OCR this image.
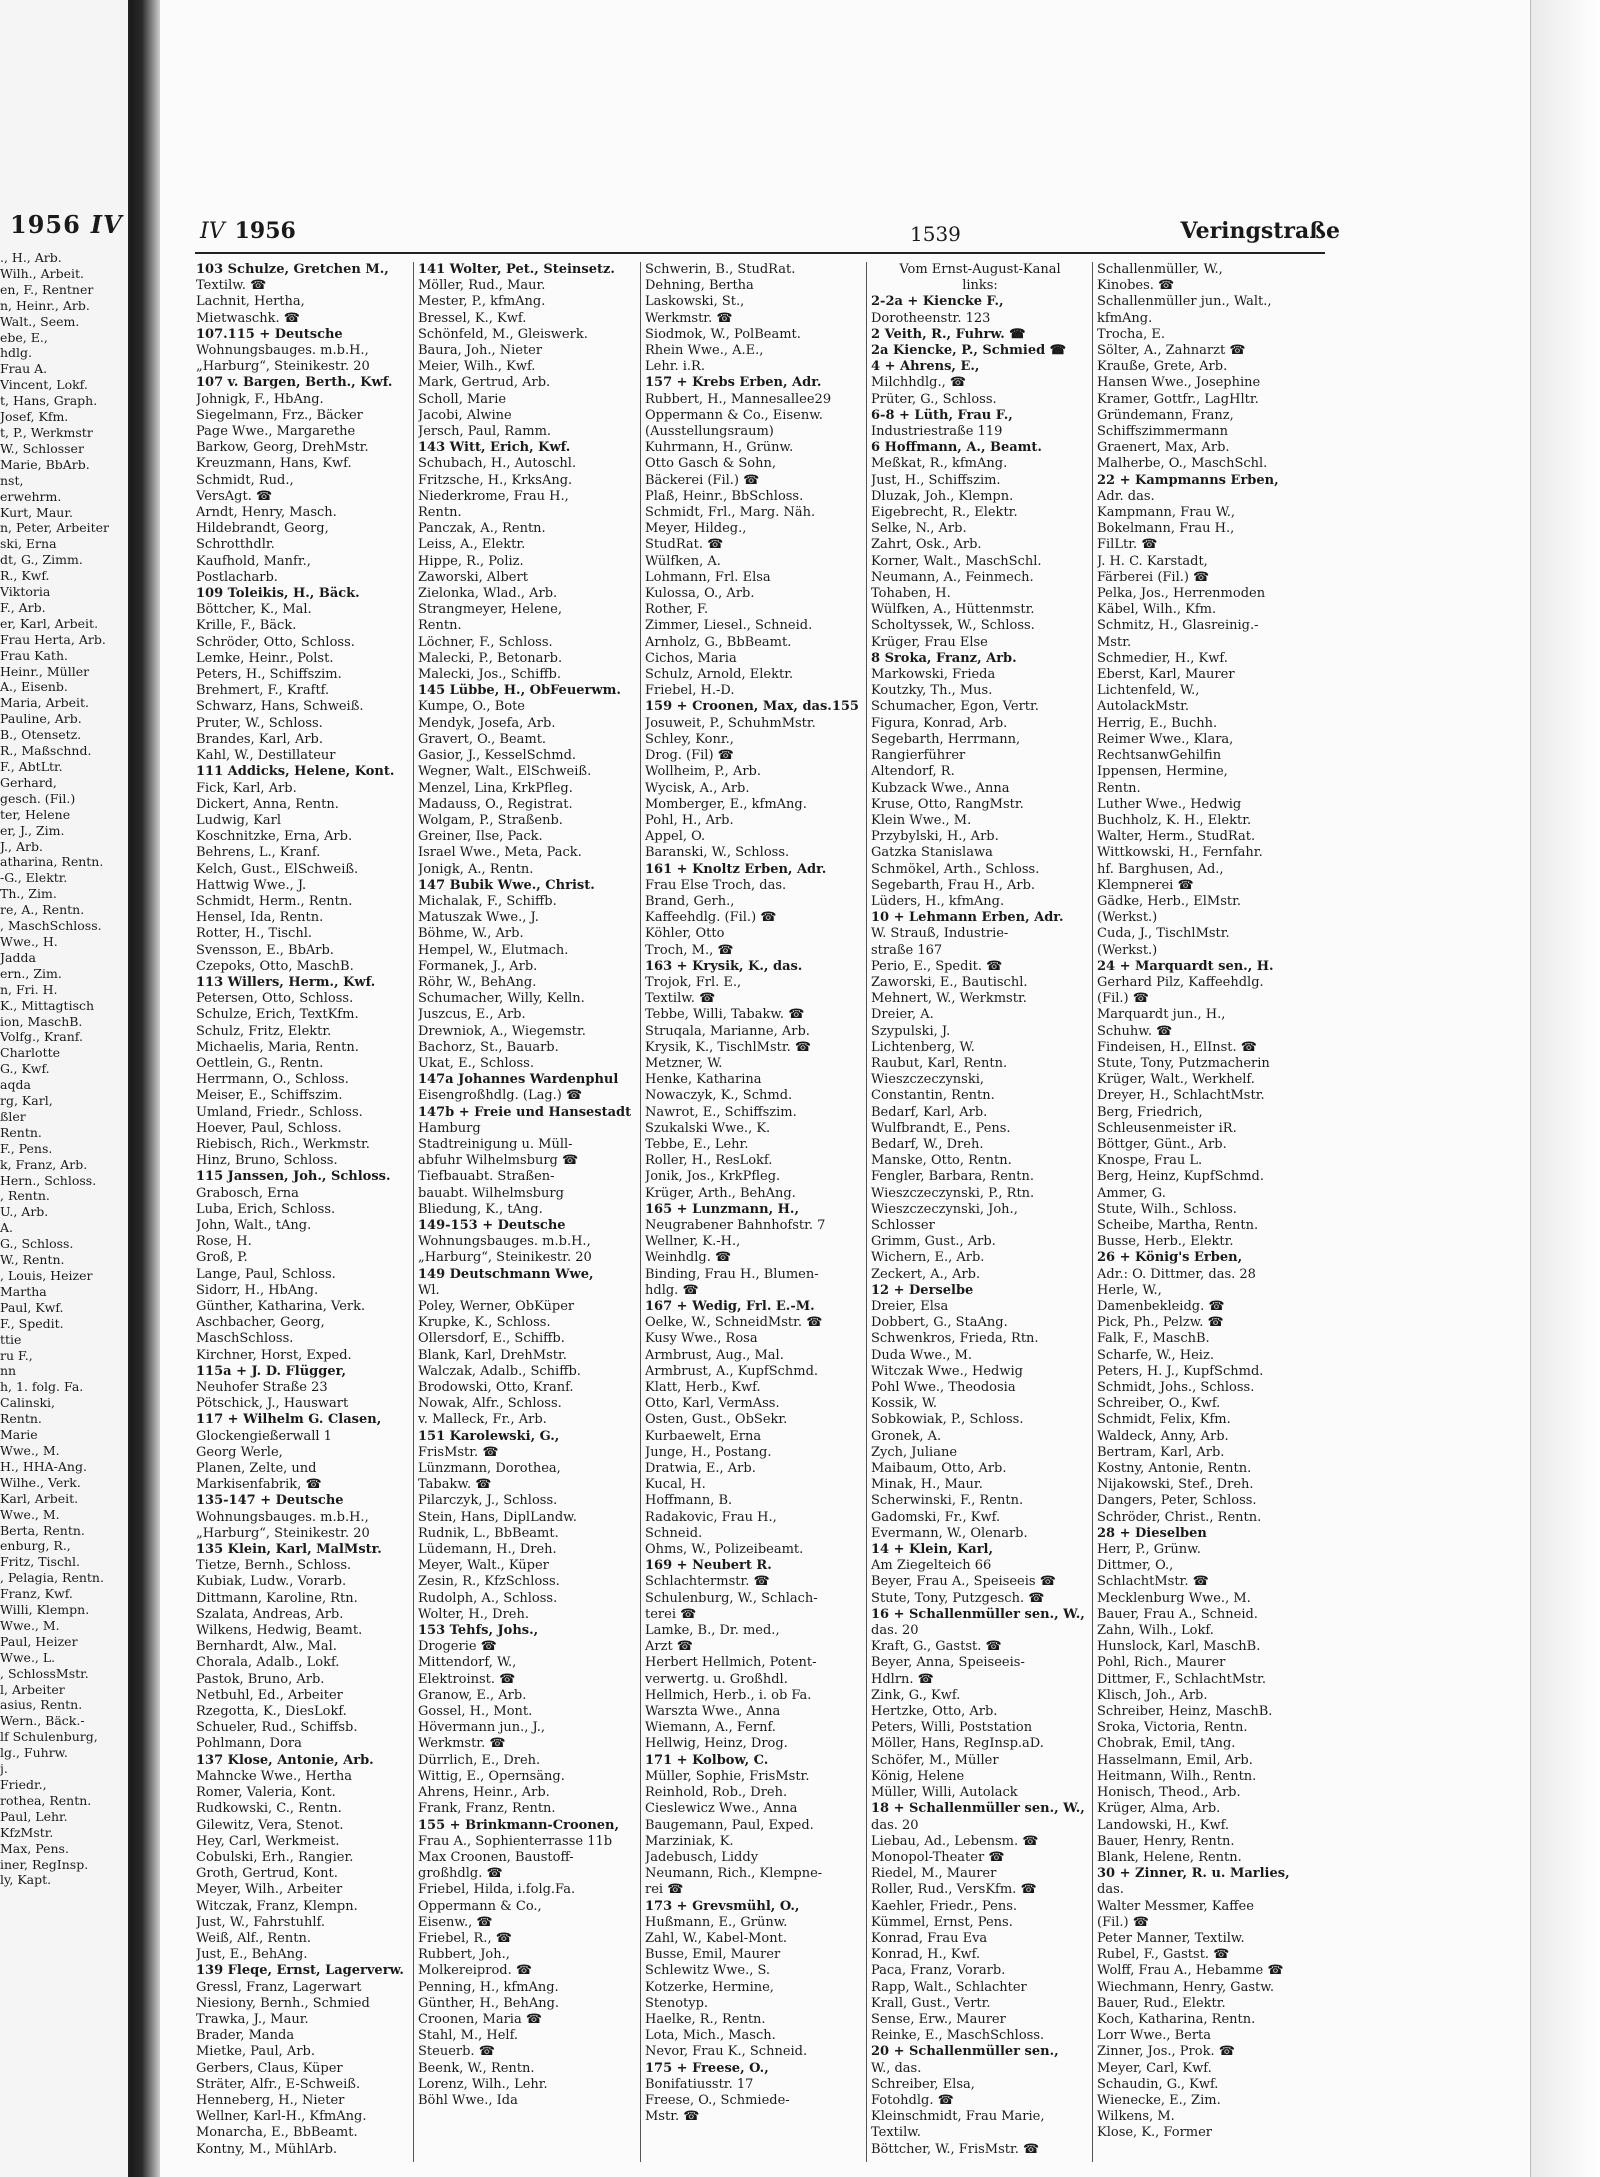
1956 IV
., H., Arb.
Wilh., Arbeit.
en, F., Rentner
n, Heinr., Arb.
Walt., Seem.
ebe, E.,
hdlg.
Frau A.
Vincent, Lokf.
t, Hans, Graph.
Josef, Kfm.
t, P., Werkmstr
W., Schlosser
Marie, BbArb.
nst,
erwehrm.
Kurt, Maur.
n, Peter, Arbeiter
ski, Erna
dt, G., Zimm.
R., Kwf.
Viktoria
F., Arb.
er, Karl, Arbeit.
Frau Herta, Arb.
Frau Kath.
Heinr., Müller
A., Eisenb.
Maria, Arbeit.
Pauline, Arb.
B., Otensetz.
R., Maßschnd.
F., AbtLtr.
Gerhard,
gesch. (Fil.)
ter, Helene
er, J., Zim.
J., Arb.
atharina, Rentn.
-G., Elektr.
Th., Zim.
re, A., Rentn.
, MaschSchloss.
Wwe., H.
Jadda
ern., Zim.
n, Fri. H.
K., Mittagtisch
ion, MaschB.
Volfg., Kranf.
Charlotte
G., Kwf.
aqda
rg, Karl,
ßler
Rentn.
F., Pens.
k, Franz, Arb.
Hern., Schloss.
, Rentn.
U., Arb.
A.
G., Schloss.
W., Rentn.
, Louis, Heizer
Martha
Paul, Kwf.
F., Spedit.
ttie
ru F.,
nn
h, 1. folg. Fa.
Calinski,
Rentn.
Marie
Wwe., M.
H., HHA-Ang.
Wilhe., Verk.
Karl, Arbeit.
Wwe., M.
Berta, Rentn.
enburg, R.,
Fritz, Tischl.
, Pelagia, Rentn.
Franz, Kwf.
Willi, Klempn.
Wwe., M.
Paul, Heizer
Wwe., L.
, SchlossMstr.
l, Arbeiter
asius, Rentn.
Wern., Bäck.-
lf Schulenburg,
lg., Fuhrw.
j.
Friedr.,
rothea, Rentn.
Paul, Lehr.
KfzMstr.
Max, Pens.
iner, RegInsp.
ly, Kapt.
IV 1956	1539	Veringstraße
103 Schulze, Gretchen M.,
Textilw. ☎
Lachnit, Hertha,
Mietwaschk. ☎
107.115 + Deutsche
Wohnungsbauges. m.b.H.,
„Harburg“, Steinikestr. 20
107 v. Bargen, Berth., Kwf.
Johnigk, F., HbAng.
Siegelmann, Frz., Bäcker
Page Wwe., Margarethe
Barkow, Georg, DrehMstr.
Kreuzmann, Hans, Kwf.
Schmidt, Rud.,
VersAgt. ☎
Arndt, Henry, Masch.
Hildebrandt, Georg,
Schrotthdlr.
Kaufhold, Manfr.,
Postlacharb.
109 Toleikis, H., Bäck.
Böttcher, K., Mal.
Krille, F., Bäck.
Schröder, Otto, Schloss.
Lemke, Heinr., Polst.
Peters, H., Schiffszim.
Brehmert, F., Kraftf.
Schwarz, Hans, Schweiß.
Pruter, W., Schloss.
Brandes, Karl, Arb.
Kahl, W., Destillateur
111 Addicks, Helene, Kont.
Fick, Karl, Arb.
Dickert, Anna, Rentn.
Ludwig, Karl
Koschnitzke, Erna, Arb.
Behrens, L., Kranf.
Kelch, Gust., ElSchweiß.
Hattwig Wwe., J.
Schmidt, Herm., Rentn.
Hensel, Ida, Rentn.
Rotter, H., Tischl.
Svensson, E., BbArb.
Czepoks, Otto, MaschB.
113 Willers, Herm., Kwf.
Petersen, Otto, Schloss.
Schulze, Erich, TextKfm.
Schulz, Fritz, Elektr.
Michaelis, Maria, Rentn.
Oettlein, G., Rentn.
Herrmann, O., Schloss.
Meiser, E., Schiffszim.
Umland, Friedr., Schloss.
Hoever, Paul, Schloss.
Riebisch, Rich., Werkmstr.
Hinz, Bruno, Schloss.
115 Janssen, Joh., Schloss.
Grabosch, Erna
Luba, Erich, Schloss.
John, Walt., tAng.
Rose, H.
Groß, P.
Lange, Paul, Schloss.
Sidorr, H., HbAng.
Günther, Katharina, Verk.
Aschbacher, Georg,
MaschSchloss.
Kirchner, Horst, Exped.
115a + J. D. Flügger,
Neuhofer Straße 23
Pötschick, J., Hauswart
117 + Wilhelm G. Clasen,
Glockengießerwall 1
Georg Werle,
Planen, Zelte, und
Markisenfabrik, ☎
135-147 + Deutsche
Wohnungsbauges. m.b.H.,
„Harburg“, Steinikestr. 20
135 Klein, Karl, MalMstr.
Tietze, Bernh., Schloss.
Kubiak, Ludw., Vorarb.
Dittmann, Karoline, Rtn.
Szalata, Andreas, Arb.
Wilkens, Hedwig, Beamt.
Bernhardt, Alw., Mal.
Chorala, Adalb., Lokf.
Pastok, Bruno, Arb.
Netbuhl, Ed., Arbeiter
Rzegotta, K., DiesLokf.
Schueler, Rud., Schiffsb.
Pohlmann, Dora
137 Klose, Antonie, Arb.
Mahncke Wwe., Hertha
Romer, Valeria, Kont.
Rudkowski, C., Rentn.
Gilewitz, Vera, Stenot.
Hey, Carl, Werkmeist.
Cobulski, Erh., Rangier.
Groth, Gertrud, Kont.
Meyer, Wilh., Arbeiter
Witczak, Franz, Klempn.
Just, W., Fahrstuhlf.
Weiß, Alf., Rentn.
Just, E., BehAng.
139 Fleqe, Ernst, Lagerverw.
Gressl, Franz, Lagerwart
Niesiony, Bernh., Schmied
Trawka, J., Maur.
Brader, Manda
Mietke, Paul, Arb.
Gerbers, Claus, Küper
Sträter, Alfr., E-Schweiß.
Henneberg, H., Nieter
Wellner, Karl-H., KfmAng.
Monarcha, E., BbBeamt.
Kontny, M., MühlArb.
141 Wolter, Pet., Steinsetz.
Möller, Rud., Maur.
Mester, P., kfmAng.
Bressel, K., Kwf.
Schönfeld, M., Gleiswerk.
Baura, Joh., Nieter
Meier, Wilh., Kwf.
Mark, Gertrud, Arb.
Scholl, Marie
Jacobi, Alwine
Jersch, Paul, Ramm.
143 Witt, Erich, Kwf.
Schubach, H., Autoschl.
Fritzsche, H., KrksAng.
Niederkrome, Frau H.,
Rentn.
Panczak, A., Rentn.
Leiss, A., Elektr.
Hippe, R., Poliz.
Zaworski, Albert
Zielonka, Wlad., Arb.
Strangmeyer, Helene,
Rentn.
Löchner, F., Schloss.
Malecki, P., Betonarb.
Malecki, Jos., Schiffb.
145 Lübbe, H., ObFeuerwm.
Kumpe, O., Bote
Mendyk, Josefa, Arb.
Gravert, O., Beamt.
Gasior, J., KesselSchmd.
Wegner, Walt., ElSchweiß.
Menzel, Lina, KrkPfleg.
Madauss, O., Registrat.
Wolgam, P., Straßenb.
Greiner, Ilse, Pack.
Israel Wwe., Meta, Pack.
Jonigk, A., Rentn.
147 Bubik Wwe., Christ.
Michalak, F., Schiffb.
Matuszak Wwe., J.
Böhme, W., Arb.
Hempel, W., Elutmach.
Formanek, J., Arb.
Röhr, W., BehAng.
Schumacher, Willy, Kelln.
Juszcus, E., Arb.
Drewniok, A., Wiegemstr.
Bachorz, St., Bauarb.
Ukat, E., Schloss.
147a Johannes Wardenphul
Eisengroßhdlg. (Lag.) ☎
147b + Freie und Hansestadt
Hamburg
Stadtreinigung u. Müll-
abfuhr Wilhelmsburg ☎
Tiefbauabt. Straßen-
bauabt. Wilhelmsburg
Bliedung, K., tAng.
149-153 + Deutsche
Wohnungsbauges. m.b.H.,
„Harburg“, Steinikestr. 20
149 Deutschmann Wwe,
Wl.
Poley, Werner, ObKüper
Krupke, K., Schloss.
Ollersdorf, E., Schiffb.
Blank, Karl, DrehMstr.
Walczak, Adalb., Schiffb.
Brodowski, Otto, Kranf.
Nowak, Alfr., Schloss.
v. Malleck, Fr., Arb.
151 Karolewski, G.,
FrisMstr. ☎
Lünzmann, Dorothea,
Tabakw. ☎
Pilarczyk, J., Schloss.
Stein, Hans, DiplLandw.
Rudnik, L., BbBeamt.
Lüdemann, H., Dreh.
Meyer, Walt., Küper
Zesin, R., KfzSchloss.
Rudolph, A., Schloss.
Wolter, H., Dreh.
153 Tehfs, Johs.,
Drogerie ☎
Mittendorf, W.,
Elektroinst. ☎
Granow, E., Arb.
Gossel, H., Mont.
Hövermann jun., J.,
Werkmstr. ☎
Dürrlich, E., Dreh.
Wittig, E., Opernsäng.
Ahrens, Heinr., Arb.
Frank, Franz, Rentn.
155 + Brinkmann-Croonen,
Frau A., Sophienterrasse 11b
Max Croonen, Baustoff-
großhdlg. ☎
Friebel, Hilda, i.folg.Fa.
Oppermann & Co.,
Eisenw., ☎
Friebel, R., ☎
Rubbert, Joh.,
Molkereiprod. ☎
Penning, H., kfmAng.
Günther, H., BehAng.
Croonen, Maria ☎
Stahl, M., Helf.
Steuerb. ☎
Beenk, W., Rentn.
Lorenz, Wilh., Lehr.
Böhl Wwe., Ida
Schwerin, B., StudRat.
Dehning, Bertha
Laskowski, St.,
Werkmstr. ☎
Siodmok, W., PolBeamt.
Rhein Wwe., A.E.,
Lehr. i.R.
157 + Krebs Erben, Adr.
Rubbert, H., Mannesallee29
Oppermann & Co., Eisenw.
(Ausstellungsraum)
Kuhrmann, H., Grünw.
Otto Gasch & Sohn,
Bäckerei (Fil.) ☎
Plaß, Heinr., BbSchloss.
Schmidt, Frl., Marg. Näh.
Meyer, Hildeg.,
StudRat. ☎
Wülfken, A.
Lohmann, Frl. Elsa
Kulossa, O., Arb.
Rother, F.
Zimmer, Liesel., Schneid.
Arnholz, G., BbBeamt.
Cichos, Maria
Schulz, Arnold, Elektr.
Friebel, H.-D.
159 + Croonen, Max, das.155
Josuweit, P., SchuhmMstr.
Schley, Konr.,
Drog. (Fil) ☎
Wollheim, P., Arb.
Wycisk, A., Arb.
Momberger, E., kfmAng.
Pohl, H., Arb.
Appel, O.
Baranski, W., Schloss.
161 + Knoltz Erben, Adr.
Frau Else Troch, das.
Brand, Gerh.,
Kaffeehdlg. (Fil.) ☎
Köhler, Otto
Troch, M., ☎
163 + Krysik, K., das.
Trojok, Frl. E.,
Textilw. ☎
Tebbe, Willi, Tabakw. ☎
Struqala, Marianne, Arb.
Krysik, K., TischlMstr. ☎
Metzner, W.
Henke, Katharina
Nowaczyk, K., Schmd.
Nawrot, E., Schiffszim.
Szukalski Wwe., K.
Tebbe, E., Lehr.
Roller, H., ResLokf.
Jonik, Jos., KrkPfleg.
Krüger, Arth., BehAng.
165 + Lunzmann, H.,
Neugrabener Bahnhofstr. 7
Wellner, K.-H.,
Weinhdlg. ☎
Binding, Frau H., Blumen-
hdlg. ☎
167 + Wedig, Frl. E.-M.
Oelke, W., SchneidMstr. ☎
Kusy Wwe., Rosa
Armbrust, Aug., Mal.
Armbrust, A., KupfSchmd.
Klatt, Herb., Kwf.
Otto, Karl, VermAss.
Osten, Gust., ObSekr.
Kurbaewelt, Erna
Junge, H., Postang.
Dratwia, E., Arb.
Kucal, H.
Hoffmann, B.
Radakovic, Frau H.,
Schneid.
Ohms, W., Polizeibeamt.
169 + Neubert R.
Schlachtermstr. ☎
Schulenburg, W., Schlach-
terei ☎
Lamke, B., Dr. med.,
Arzt ☎
Herbert Hellmich, Potent-
verwertg. u. Großhdl.
Hellmich, Herb., i. ob Fa.
Warszta Wwe., Anna
Wiemann, A., Fernf.
Hellwig, Heinz, Drog.
171 + Kolbow, C.
Müller, Sophie, FrisMstr.
Reinhold, Rob., Dreh.
Cieslewicz Wwe., Anna
Baugemann, Paul, Exped.
Marziniak, K.
Jadebusch, Liddy
Neumann, Rich., Klempne-
rei ☎
173 + Grevsmühl, O.,
Hußmann, E., Grünw.
Zahl, W., Kabel-Mont.
Busse, Emil, Maurer
Schlewitz Wwe., S.
Kotzerke, Hermine,
Stenotyp.
Haelke, R., Rentn.
Lota, Mich., Masch.
Nevor, Frau K., Schneid.
175 + Freese, O.,
Bonifatiusstr. 17
Freese, O., Schmiede-
Mstr. ☎
Vom Ernst-August-Kanal
links:
2-2a + Kiencke F.,
Dorotheenstr. 123
2 Veith, R., Fuhrw. ☎
2a Kiencke, P., Schmied ☎
4 + Ahrens, E.,
Milchhdlg., ☎
Prüter, G., Schloss.
6-8 + Lüth, Frau F.,
Industriestraße 119
6 Hoffmann, A., Beamt.
Meßkat, R., kfmAng.
Just, H., Schiffszim.
Dluzak, Joh., Klempn.
Eigebrecht, R., Elektr.
Selke, N., Arb.
Zahrt, Osk., Arb.
Korner, Walt., MaschSchl.
Neumann, A., Feinmech.
Tohaben, H.
Wülfken, A., Hüttenmstr.
Scholtyssek, W., Schloss.
Krüger, Frau Else
8 Sroka, Franz, Arb.
Markowski, Frieda
Koutzky, Th., Mus.
Schumacher, Egon, Vertr.
Figura, Konrad, Arb.
Segebarth, Herrmann,
Rangierführer
Altendorf, R.
Kubzack Wwe., Anna
Kruse, Otto, RangMstr.
Klein Wwe., M.
Przybylski, H., Arb.
Gatzka Stanislawa
Schmökel, Arth., Schloss.
Segebarth, Frau H., Arb.
Lüders, H., kfmAng.
10 + Lehmann Erben, Adr.
W. Strauß, Industrie-
straße 167
Perio, E., Spedit. ☎
Zaworski, E., Bautischl.
Mehnert, W., Werkmstr.
Dreier, A.
Szypulski, J.
Lichtenberg, W.
Raubut, Karl, Rentn.
Wieszczeczynski,
Constantin, Rentn.
Bedarf, Karl, Arb.
Wulfbrandt, E., Pens.
Bedarf, W., Dreh.
Manske, Otto, Rentn.
Fengler, Barbara, Rentn.
Wieszczeczynski, P., Rtn.
Wieszczeczynski, Joh.,
Schlosser
Grimm, Gust., Arb.
Wichern, E., Arb.
Zeckert, A., Arb.
12 + Derselbe
Dreier, Elsa
Dobbert, G., StaAng.
Schwenkros, Frieda, Rtn.
Duda Wwe., M.
Witczak Wwe., Hedwig
Pohl Wwe., Theodosia
Kossik, W.
Sobkowiak, P., Schloss.
Gronek, A.
Zych, Juliane
Maibaum, Otto, Arb.
Minak, H., Maur.
Scherwinski, F., Rentn.
Gadomski, Fr., Kwf.
Evermann, W., Olenarb.
14 + Klein, Karl,
Am Ziegelteich 66
Beyer, Frau A., Speiseeis ☎
Stute, Tony, Putzgesch. ☎
16 + Schallenmüller sen., W.,
das. 20
Kraft, G., Gastst. ☎
Beyer, Anna, Speiseeis-
Hdlrn. ☎
Zink, G., Kwf.
Hertzke, Otto, Arb.
Peters, Willi, Poststation
Möller, Hans, RegInsp.aD.
Schöfer, M., Müller
König, Helene
Müller, Willi, Autolack
18 + Schallenmüller sen., W.,
das. 20
Liebau, Ad., Lebensm. ☎
Monopol-Theater ☎
Riedel, M., Maurer
Roller, Rud., VersKfm. ☎
Kaehler, Friedr., Pens.
Kümmel, Ernst, Pens.
Konrad, Frau Eva
Konrad, H., Kwf.
Paca, Franz, Vorarb.
Rapp, Walt., Schlachter
Krall, Gust., Vertr.
Sense, Erw., Maurer
Reinke, E., MaschSchloss.
20 + Schallenmüller sen.,
W., das.
Schreiber, Elsa,
Fotohdlg. ☎
Kleinschmidt, Frau Marie,
Textilw.
Böttcher, W., FrisMstr. ☎
Schallenmüller, W.,
Kinobes. ☎
Schallenmüller jun., Walt.,
kfmAng.
Trocha, E.
Sölter, A., Zahnarzt ☎
Krauße, Grete, Arb.
Hansen Wwe., Josephine
Kramer, Gottfr., LagHltr.
Gründemann, Franz,
Schiffszimmermann
Graenert, Max, Arb.
Malherbe, O., MaschSchl.
22 + Kampmanns Erben,
Adr. das.
Kampmann, Frau W.,
Bokelmann, Frau H.,
FilLtr. ☎
J. H. C. Karstadt,
Färberei (Fil.) ☎
Pelka, Jos., Herrenmoden
Käbel, Wilh., Kfm.
Schmitz, H., Glasreinig.-
Mstr.
Schmedier, H., Kwf.
Eberst, Karl, Maurer
Lichtenfeld, W.,
AutolackMstr.
Herrig, E., Buchh.
Reimer Wwe., Klara,
RechtsanwGehilfin
Ippensen, Hermine,
Rentn.
Luther Wwe., Hedwig
Buchholz, K. H., Elektr.
Walter, Herm., StudRat.
Wittkowski, H., Fernfahr.
hf. Barghusen, Ad.,
Klempnerei ☎
Gädke, Herb., ElMstr.
(Werkst.)
Cuda, J., TischlMstr.
(Werkst.)
24 + Marquardt sen., H.
Gerhard Pilz, Kaffeehdlg.
(Fil.) ☎
Marquardt jun., H.,
Schuhw. ☎
Findeisen, H., ElInst. ☎
Stute, Tony, Putzmacherin
Krüger, Walt., Werkhelf.
Dreyer, H., SchlachtMstr.
Berg, Friedrich,
Schleusenmeister iR.
Böttger, Günt., Arb.
Knospe, Frau L.
Berg, Heinz, KupfSchmd.
Ammer, G.
Stute, Wilh., Schloss.
Scheibe, Martha, Rentn.
Busse, Herb., Elektr.
26 + König's Erben,
Adr.: O. Dittmer, das. 28
Herle, W.,
Damenbekleidg. ☎
Pick, Ph., Pelzw. ☎
Falk, F., MaschB.
Scharfe, W., Heiz.
Peters, H. J., KupfSchmd.
Schmidt, Johs., Schloss.
Schreiber, O., Kwf.
Schmidt, Felix, Kfm.
Waldeck, Anny, Arb.
Bertram, Karl, Arb.
Kostny, Antonie, Rentn.
Nijakowski, Stef., Dreh.
Dangers, Peter, Schloss.
Schröder, Christ., Rentn.
28 + Dieselben
Herr, P., Grünw.
Dittmer, O.,
SchlachtMstr. ☎
Mecklenburg Wwe., M.
Bauer, Frau A., Schneid.
Zahn, Wilh., Lokf.
Hunslock, Karl, MaschB.
Pohl, Rich., Maurer
Dittmer, F., SchlachtMstr.
Klisch, Joh., Arb.
Schreiber, Heinz, MaschB.
Sroka, Victoria, Rentn.
Chobrak, Emil, tAng.
Hasselmann, Emil, Arb.
Heitmann, Wilh., Rentn.
Honisch, Theod., Arb.
Krüger, Alma, Arb.
Landowski, H., Kwf.
Bauer, Henry, Rentn.
Blank, Helene, Rentn.
30 + Zinner, R. u. Marlies,
das.
Walter Messmer, Kaffee
(Fil.) ☎
Peter Manner, Textilw.
Rubel, F., Gastst. ☎
Wolff, Frau A., Hebamme ☎
Wiechmann, Henry, Gastw.
Bauer, Rud., Elektr.
Koch, Katharina, Rentn.
Lorr Wwe., Berta
Zinner, Jos., Prok. ☎
Meyer, Carl, Kwf.
Schaudin, G., Kwf.
Wienecke, E., Zim.
Wilkens, M.
Klose, K., Former
